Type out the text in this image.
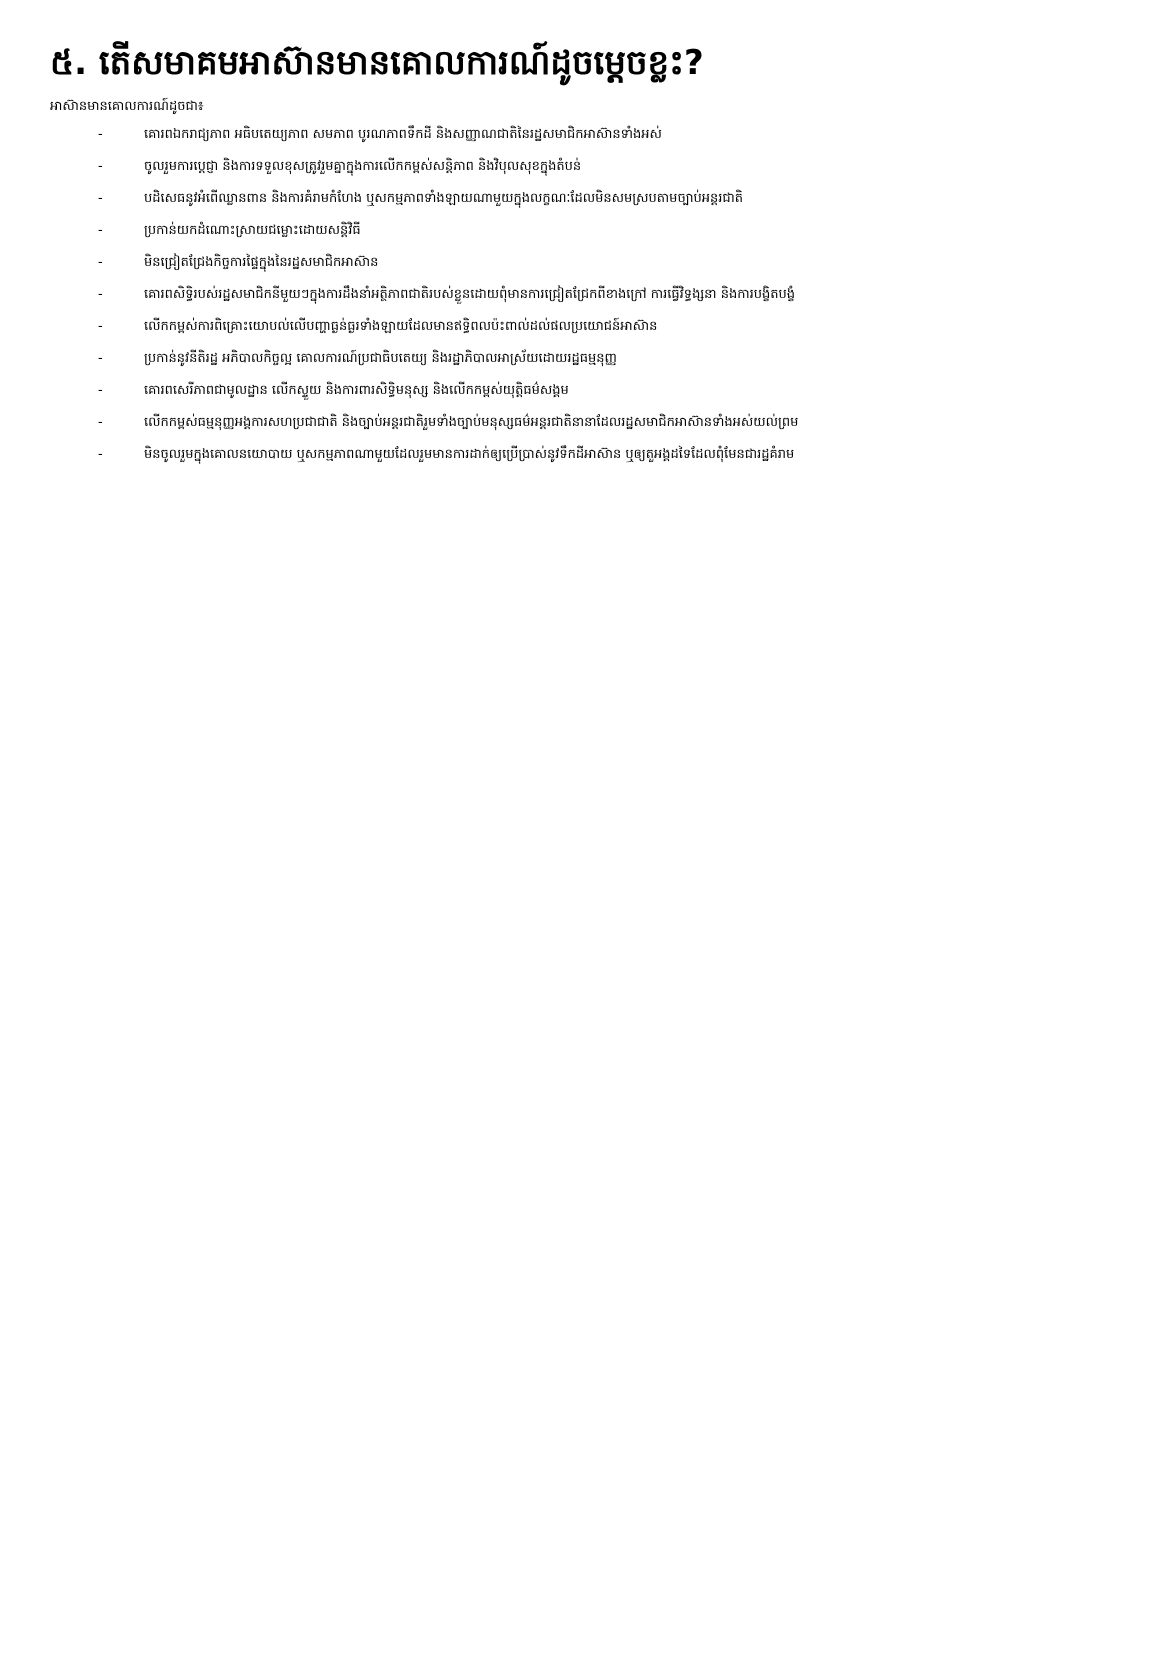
៥. តើសមាគមអាស៊ានមានគោលការណ៍ដូចម្តេចខ្លះ?

អាស៊ានមានគោលការណ៍ដូចជា៖

-	គោរពឯករាជ្យភាព អធិបតេយ្យភាព សមភាព បូរណភាពទឹកដី និងសញ្ញាណជាតិនៃរដ្ឋសមាជិកអាស៊ានទាំងអស់
-	ចូលរួមការប្តេជ្ញា និងការទទួលខុសត្រូវរួមគ្នាក្នុងការលើកកម្ពស់សន្តិភាព និងវិបុលសុខក្នុងតំបន់
-	បដិសេធនូវអំពើឈ្លានពាន និងការគំរាមកំហែង ឬសកម្មភាពទាំងឡាយណាមួយក្នុងលក្ខណៈដែលមិនសមស្របតាមច្បាប់អន្តរជាតិ
-	ប្រកាន់យកដំណោះស្រាយជម្លោះដោយសន្តិវិធី
-	មិនជ្រៀតជ្រែងកិច្ចការផ្ទៃក្នុងនៃរដ្ឋសមាជិកអាស៊ាន
-	គោរពសិទ្ធិរបស់រដ្ឋសមាជិកនីមួយៗក្នុងការដឹងនាំអត្ថិភាពជាតិរបស់ខ្លួនដោយពុំមានការជ្រៀតជ្រែកពីខាងក្រៅ ការធ្វើវិទ្ធង្សនា និងការបង្ខិតបង្ខំ
-	លើកកម្ពស់ការពិគ្រោះយោបល់លើបញ្ហាធ្ងន់ធ្ងរទាំងឡាយដែលមានឥទ្ធិពលប៉ះពាល់ដល់ផលប្រយោជន៍អាស៊ាន
-	ប្រកាន់នូវនីតិរដ្ឋ អភិបាលកិច្ចល្អ គោលការណ៍ប្រជាធិបតេយ្យ និងរដ្ឋាភិបាលអាស្រ័យដោយរដ្ឋធម្មនុញ្ញ
-	គោរពសេរីភាពជាមូលដ្ឋាន លើកស្ទួយ និងការពារសិទ្ធិមនុស្ស និងលើកកម្ពស់យុត្តិធម៌សង្គម
-	លើកកម្ពស់ធម្មនុញ្ញអង្គការសហប្រជាជាតិ និងច្បាប់អន្តរជាតិរួមទាំងច្បាប់មនុស្សធម៌អន្តរជាតិនានាដែលរដ្ឋសមាជិកអាស៊ានទាំងអស់យល់ព្រម
-	មិនចូលរួមក្នុងគោលនយោបាយ ឬសកម្មភាពណាមួយដែលរួមមានការដាក់ឲ្យប្រើប្រាស់នូវទឹកដីអាស៊ាន ឬឲ្យតួអង្គដទៃដែលពុំមែនជារដ្ឋគំរាម
